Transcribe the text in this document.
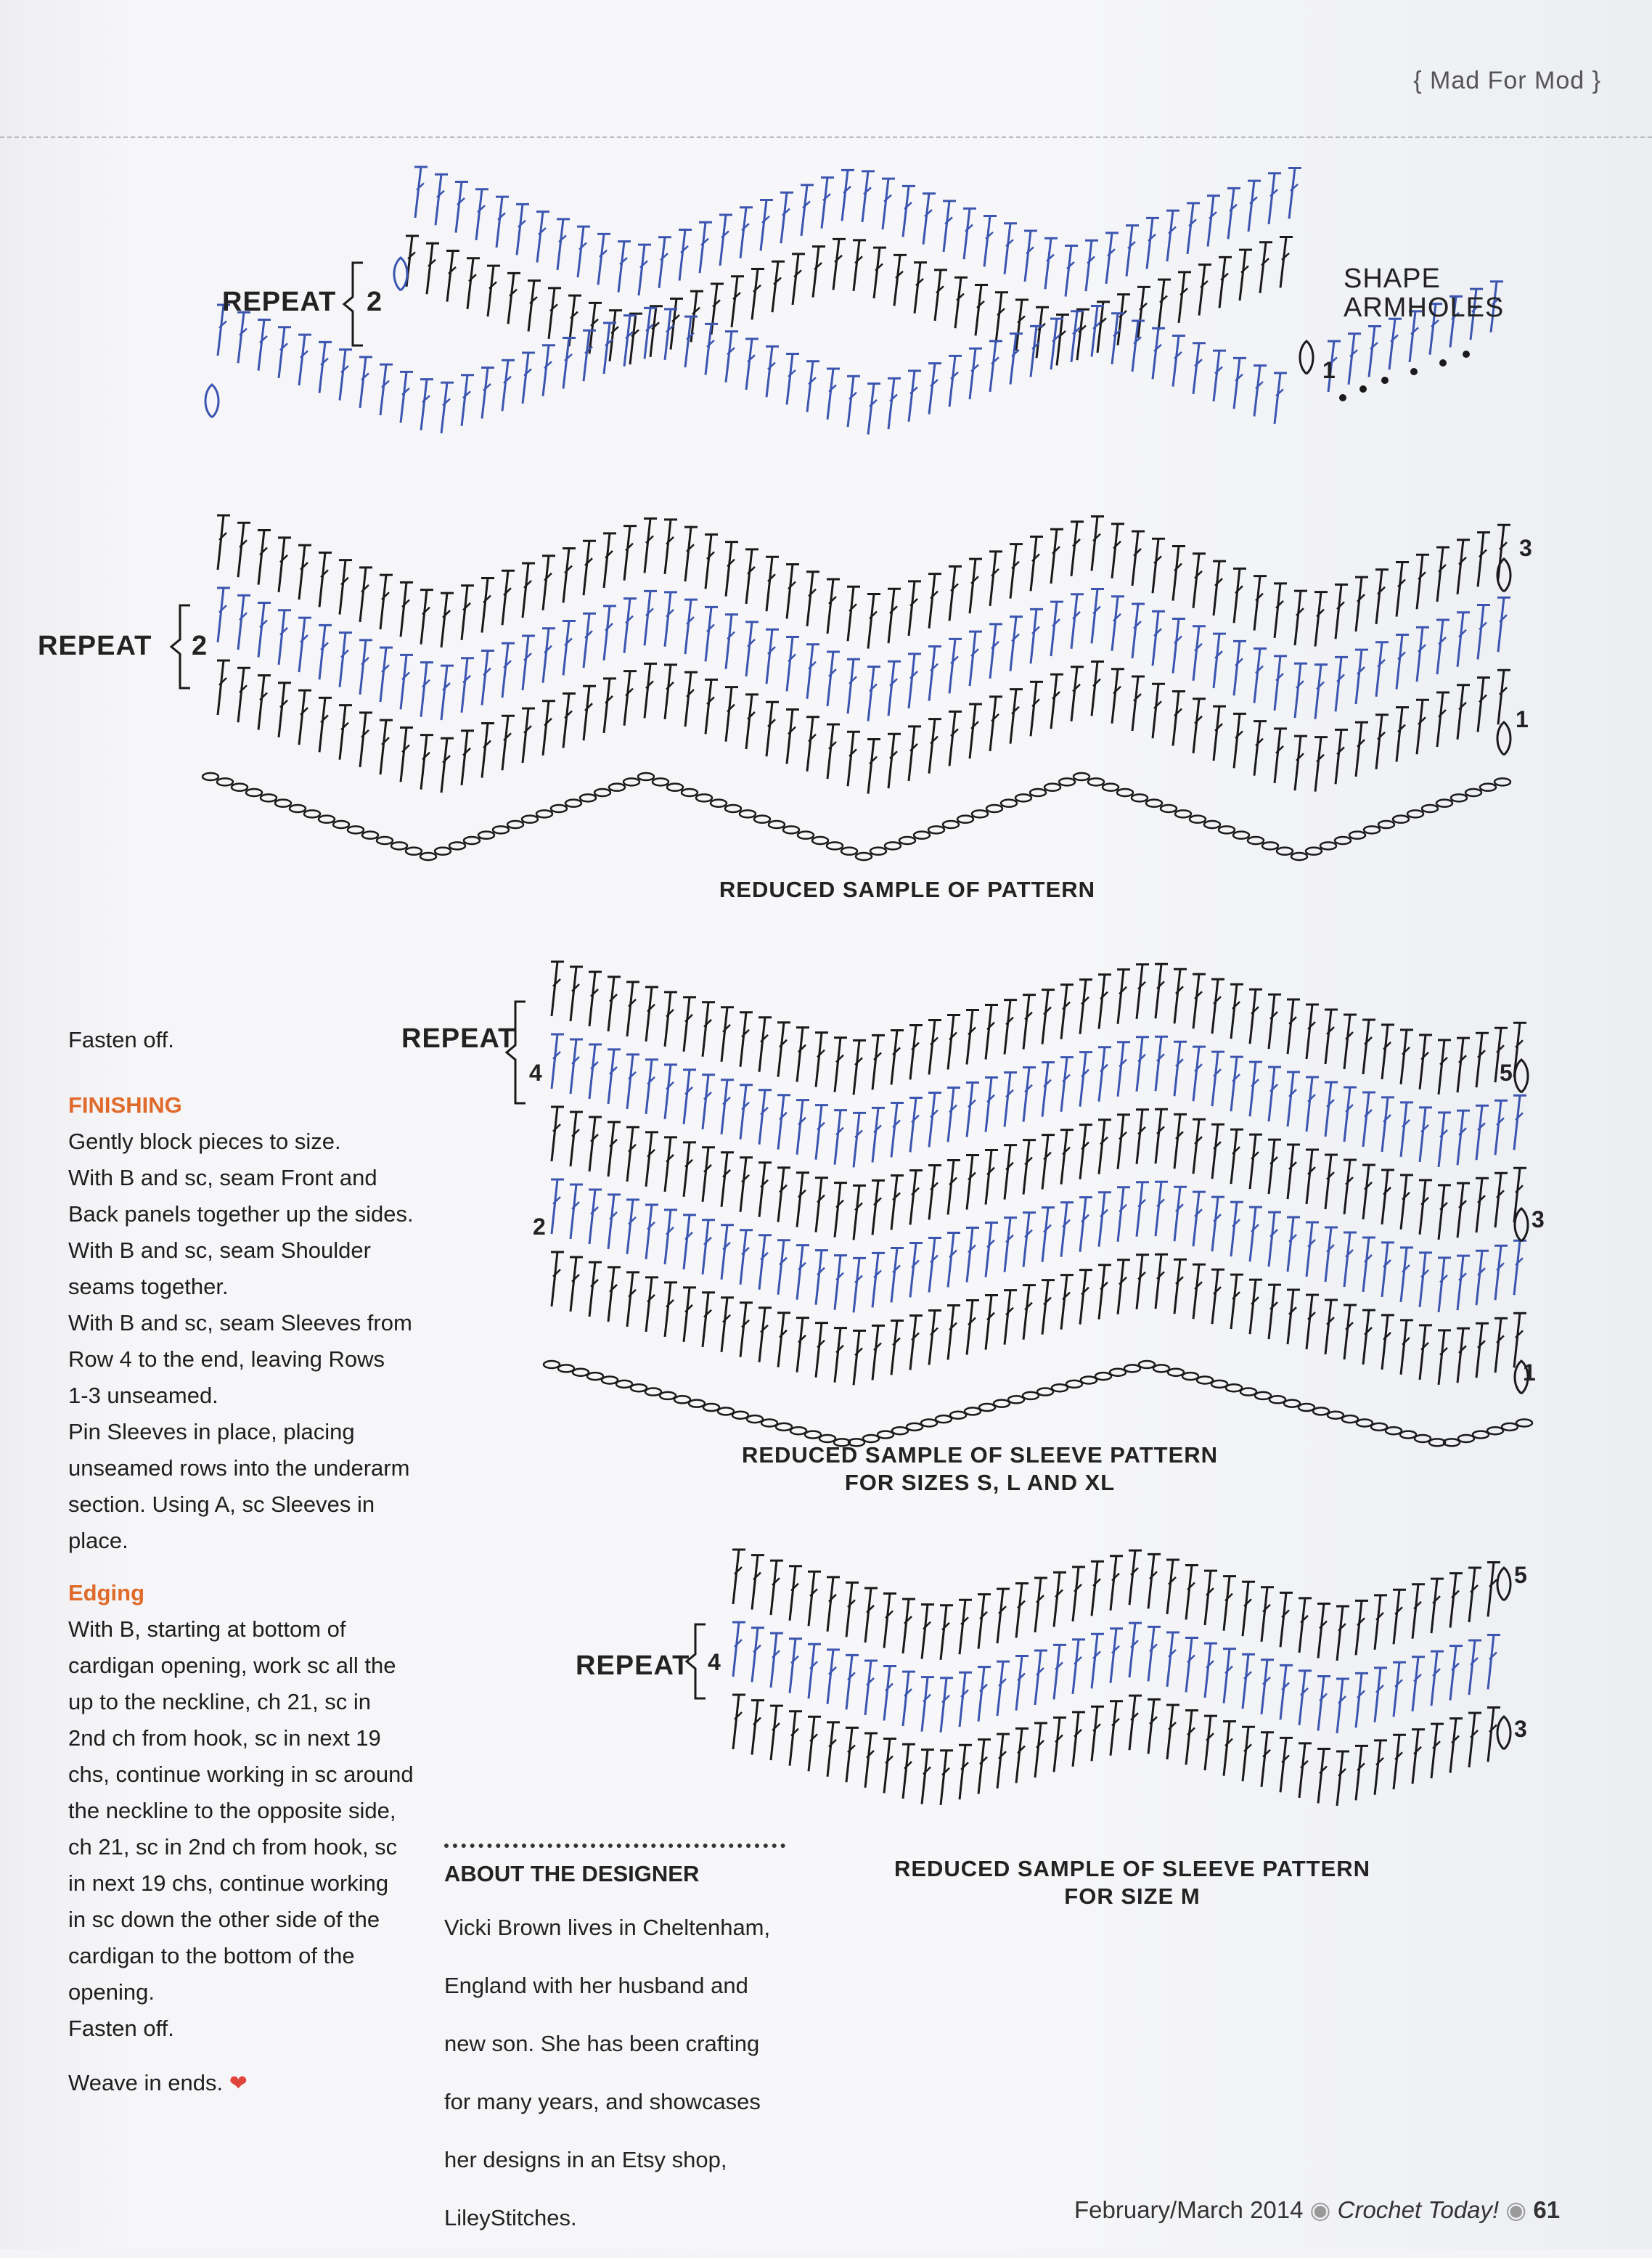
{ Mad For Mod }
REPEAT 2
SHAPE
ARMHOLES
1
REPEAT 2
3
1
REDUCED SAMPLE OF PATTERN
REPEAT
4
2
5
3
1
REDUCED SAMPLE OF SLEEVE PATTERN
FOR SIZES S, L AND XL
REPEAT 4
5
3
REDUCED SAMPLE OF SLEEVE PATTERN
FOR SIZE M

Fasten off.

FINISHING

Gently block pieces to size.

With B and sc, seam Front and

Back panels together up the sides.

With B and sc, seam Shoulder

seams together.

With B and sc, seam Sleeves from

Row 4 to the end, leaving Rows

1-3 unseamed.

Pin Sleeves in place, placing

unseamed rows into the underarm

section. Using A, sc Sleeves in

place.

Edging

With B, starting at bottom of

cardigan opening, work sc all the

up to the neckline, ch 21, sc in

2nd ch from hook, sc in next 19

chs, continue working in sc around

the neckline to the opposite side,

ch 21, sc in 2nd ch from hook, sc

in next 19 chs, continue working

in sc down the other side of the

cardigan to the bottom of the

opening.

Fasten off.

Weave in ends. ❤

ABOUT THE DESIGNER

Vicki Brown lives in Cheltenham,

England with her husband and

new son. She has been crafting

for many years, and showcases

her designs in an Etsy shop,

LileyStitches.	February/March 2014 ◉ Crochet Today! ◉ 61
